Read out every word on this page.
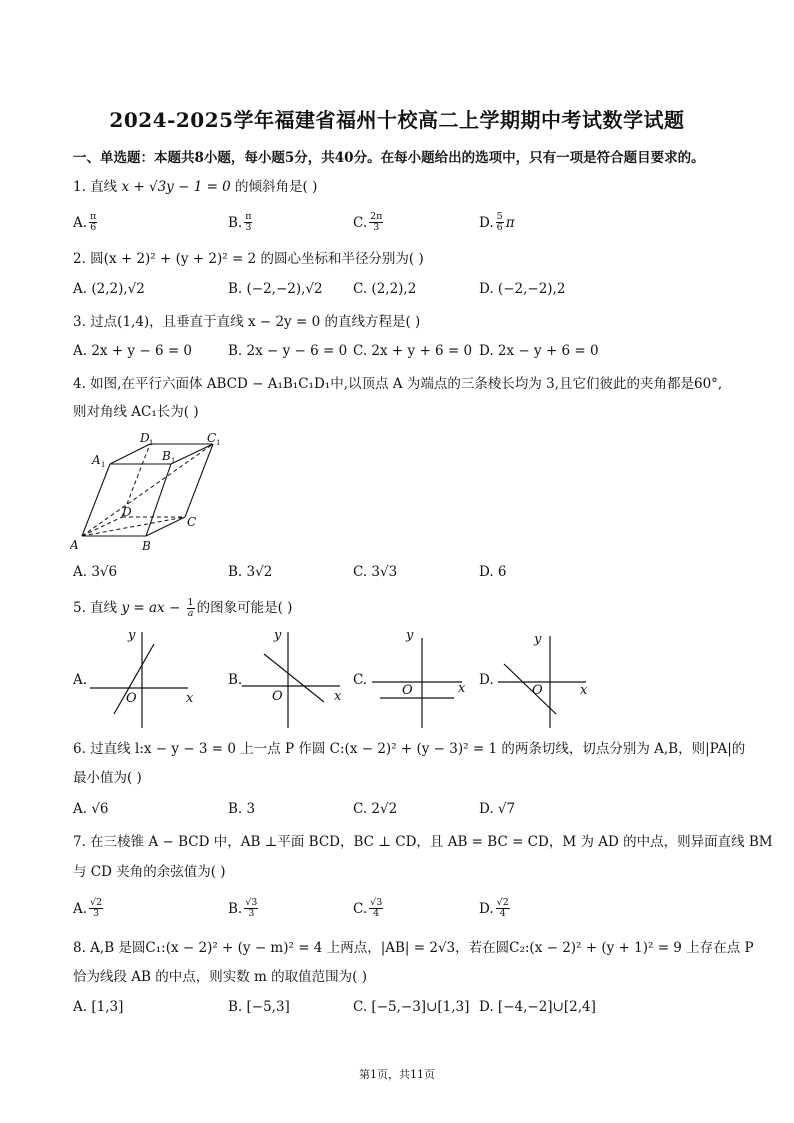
2024-2025学年福建省福州十校高二上学期期中考试数学试题
一、单选题：本题共8小题，每小题5分，共40分。在每小题给出的选项中，只有一项是符合题目要求的。
1. 直线 x + √3y − 1 = 0 的倾斜角是( )
A. $\frac{\pi}{6}$	B. $\frac{\pi}{3}$	C. $\frac{2\pi}{3}$	D. $\frac{5}{6}$ π
2. 圆(x + 2)² + (y + 2)² = 2 的圆心坐标和半径分别为( )
A. (2,2),√2	B. (−2,−2),√2 C. (2,2),2	D. (−2,−2),2
3. 过点(1,4)，且垂直于直线 x − 2y = 0 的直线方程是( )
A. 2x + y − 6 = 0	B. 2x − y − 6 = 0 C. 2x + y + 6 = 0 D. 2x − y + 6 = 0
4. 如图,在平行六面体 ABCD − A₁B₁C₁D₁中,以顶点 A 为端点的三条棱长均为 3,且它们彼此的夹角都是60°,
则对角线 AC₁长为( )
A	B
C
D
A	B
C
D
1	1
1
1
A. 3√6	B. 3√2	C. 3√3	D. 6
5. 直线 y = ax − $\frac{1}{a}$ 的图象可能是( )
A.
x
y
O
B.
x
y
O
C.
x
y
O
D.
x
y
O
6. 过直线 l:x − y − 3 = 0 上一点 P 作圆 C:(x − 2)² + (y − 3)² = 1 的两条切线，切点分别为 A,B，则|PA|的
最小值为( )
A. √6	B. 3	C. 2√2	D. √7
7. 在三棱锥 A − BCD 中，AB ⊥平面 BCD，BC ⊥ CD，且 AB = BC = CD，M 为 AD 的中点，则异面直线 BM
与 CD 夹角的余弦值为( )
A. $\frac{√2}{3}$	B. $\frac{√3}{3}$	C. $\frac{√3}{4}$	D. $\frac{√2}{4}$
8. A,B 是圆C₁:(x − 2)² + (y − m)² = 4 上两点，|AB| = 2√3，若在圆C₂:(x − 2)² + (y + 1)² = 9 上存在点 P
恰为线段 AB 的中点，则实数 m 的取值范围为( )
A. [1,3]	B. [−5,3]	C. [−5,−3]∪[1,3] D. [−4,−2]∪[2,4]
第1页，共11页
